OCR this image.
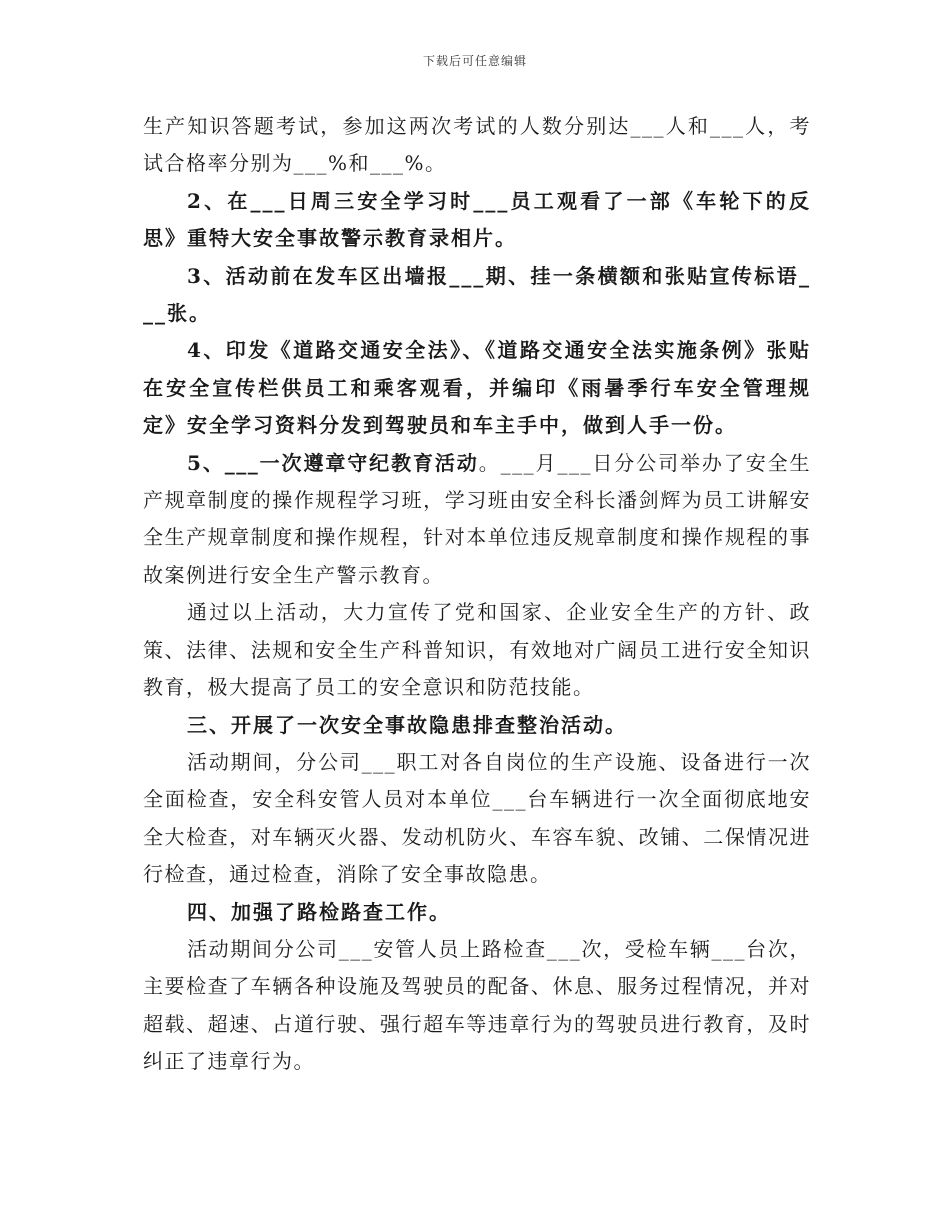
下载后可任意编辑

生产知识答题考试，参加这两次考试的人数分别达___人和___人，考试合格率分别为___%和___%。

2、在___日周三安全学习时___员工观看了一部《车轮下的反思》重特大安全事故警示教育录相片。

3、活动前在发车区出墙报___期、挂一条横额和张贴宣传标语___张。

4、印发《道路交通安全法》、《道路交通安全法实施条例》张贴在安全宣传栏供员工和乘客观看，并编印《雨暑季行车安全管理规定》安全学习资料分发到驾驶员和车主手中，做到人手一份。

5、___一次遵章守纪教育活动。___月___日分公司举办了安全生产规章制度的操作规程学习班，学习班由安全科长潘剑辉为员工讲解安全生产规章制度和操作规程，针对本单位违反规章制度和操作规程的事故案例进行安全生产警示教育。

通过以上活动，大力宣传了党和国家、企业安全生产的方针、政策、法律、法规和安全生产科普知识，有效地对广阔员工进行安全知识教育，极大提高了员工的安全意识和防范技能。

三、开展了一次安全事故隐患排查整治活动。

活动期间，分公司___职工对各自岗位的生产设施、设备进行一次全面检查，安全科安管人员对本单位___台车辆进行一次全面彻底地安全大检查，对车辆灭火器、发动机防火、车容车貌、改铺、二保情况进行检查，通过检查，消除了安全事故隐患。

四、加强了路检路查工作。

活动期间分公司___安管人员上路检查___次，受检车辆___台次，主要检查了车辆各种设施及驾驶员的配备、休息、服务过程情况，并对超载、超速、占道行驶、强行超车等违章行为的驾驶员进行教育，及时纠正了违章行为。
